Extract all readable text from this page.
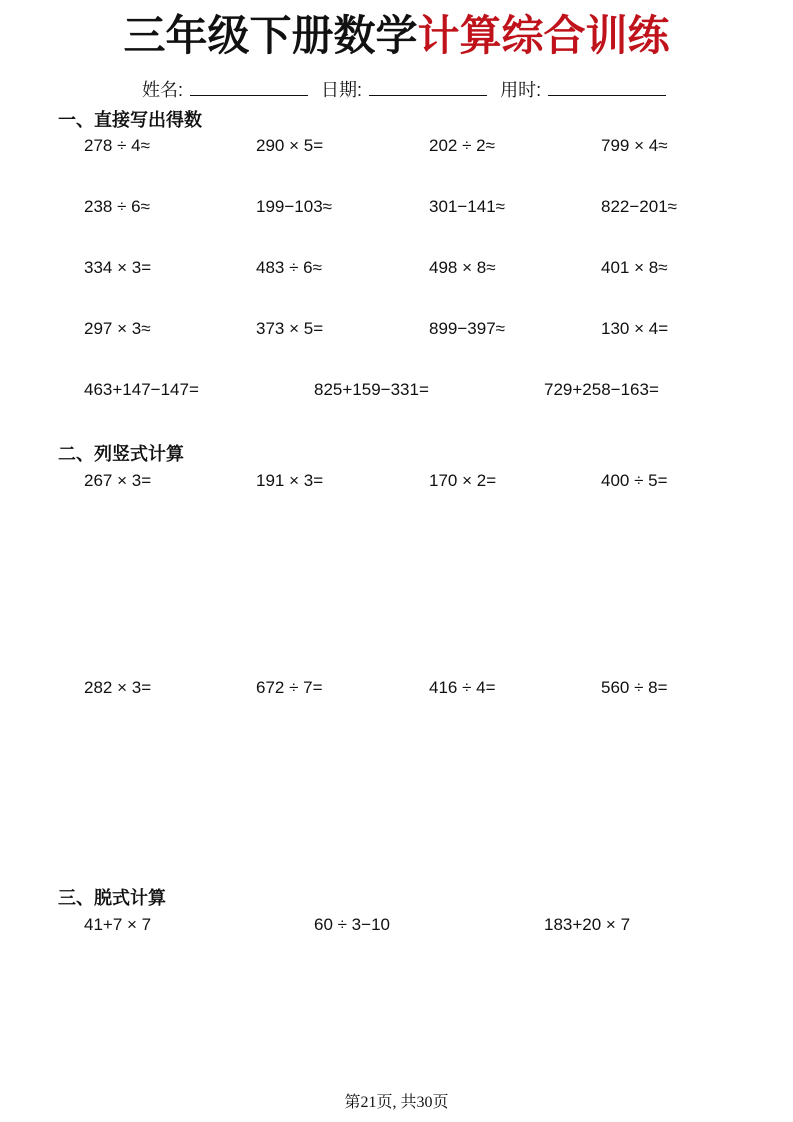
三年级下册数学计算综合训练
姓名:	日期:	用时:
一、直接写出得数
278 ÷ 4≈	290 × 5=	202 ÷ 2≈	799 × 4≈
238 ÷ 6≈	199−103≈	301−141≈	822−201≈
334 × 3=	483 ÷ 6≈	498 × 8≈	401 × 8≈
297 × 3≈	373 × 5=	899−397≈	130 × 4=
463+147−147=	825+159−331=	729+258−163=
二、列竖式计算
267 × 3=	191 × 3=	170 × 2=	400 ÷ 5=
282 × 3=	672 ÷ 7=	416 ÷ 4=	560 ÷ 8=
三、脱式计算
41+7 × 7	60 ÷ 3−10	183+20 × 7
第21页, 共30页
